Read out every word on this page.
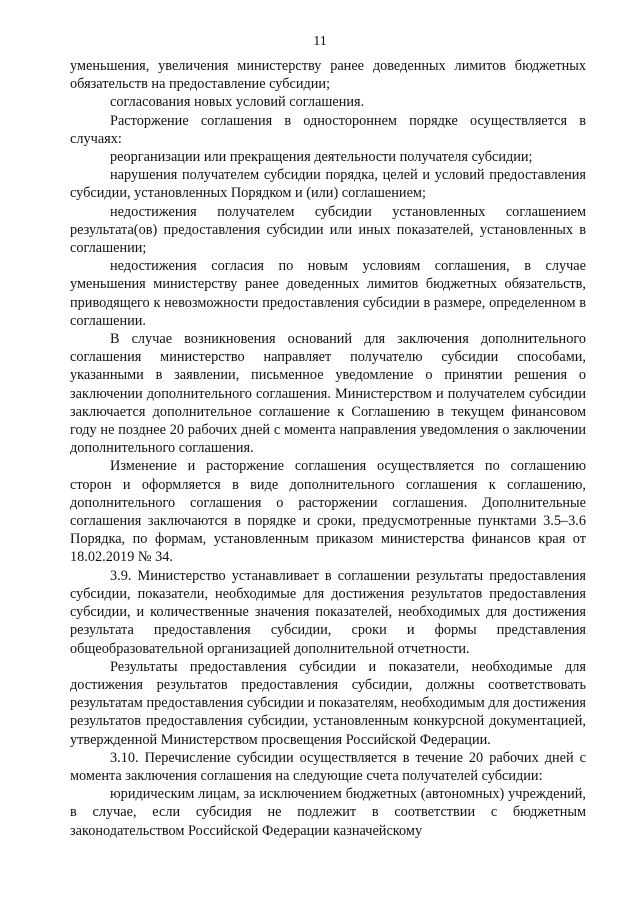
11

уменьшения, увеличения министерству ранее доведенных лимитов бюджетных обязательств на предоставление субсидии;

согласования новых условий соглашения.

Расторжение соглашения в одностороннем порядке осуществляется в случаях:

реорганизации или прекращения деятельности получателя субсидии;

нарушения получателем субсидии порядка, целей и условий предоставления субсидии, установленных Порядком и (или) соглашением;

недостижения получателем субсидии установленных соглашением результата(ов) предоставления субсидии или иных показателей, установленных в соглашении;

недостижения согласия по новым условиям соглашения, в случае уменьшения министерству ранее доведенных лимитов бюджетных обязательств, приводящего к невозможности предоставления субсидии в размере, определенном в соглашении.

В случае возникновения оснований для заключения дополнительного соглашения министерство направляет получателю субсидии способами, указанными в заявлении, письменное уведомление о принятии решения о заключении дополнительного соглашения. Министерством и получателем субсидии заключается дополнительное соглашение к Соглашению в текущем финансовом году не позднее 20 рабочих дней с момента направления уведомления о заключении дополнительного соглашения.

Изменение и расторжение соглашения осуществляется по соглашению сторон и оформляется в виде дополнительного соглашения к соглашению, дополнительного соглашения о расторжении соглашения. Дополнительные соглашения заключаются в порядке и сроки, предусмотренные пунктами 3.5–3.6 Порядка, по формам, установленным приказом министерства финансов края от 18.02.2019 № 34.

3.9. Министерство устанавливает в соглашении результаты предоставления субсидии, показатели, необходимые для достижения результатов предоставления субсидии, и количественные значения показателей, необходимых для достижения результата предоставления субсидии, сроки и формы представления общеобразовательной организацией дополнительной отчетности.

Результаты предоставления субсидии и показатели, необходимые для достижения результатов предоставления субсидии, должны соответствовать результатам предоставления субсидии и показателям, необходимым для достижения результатов предоставления субсидии, установленным конкурсной документацией, утвержденной Министерством просвещения Российской Федерации.

3.10. Перечисление субсидии осуществляется в течение 20 рабочих дней с момента заключения соглашения на следующие счета получателей субсидии:

юридическим лицам, за исключением бюджетных (автономных) учреждений, в случае, если субсидия не подлежит в соответствии с бюджетным законодательством Российской Федерации казначейскому
